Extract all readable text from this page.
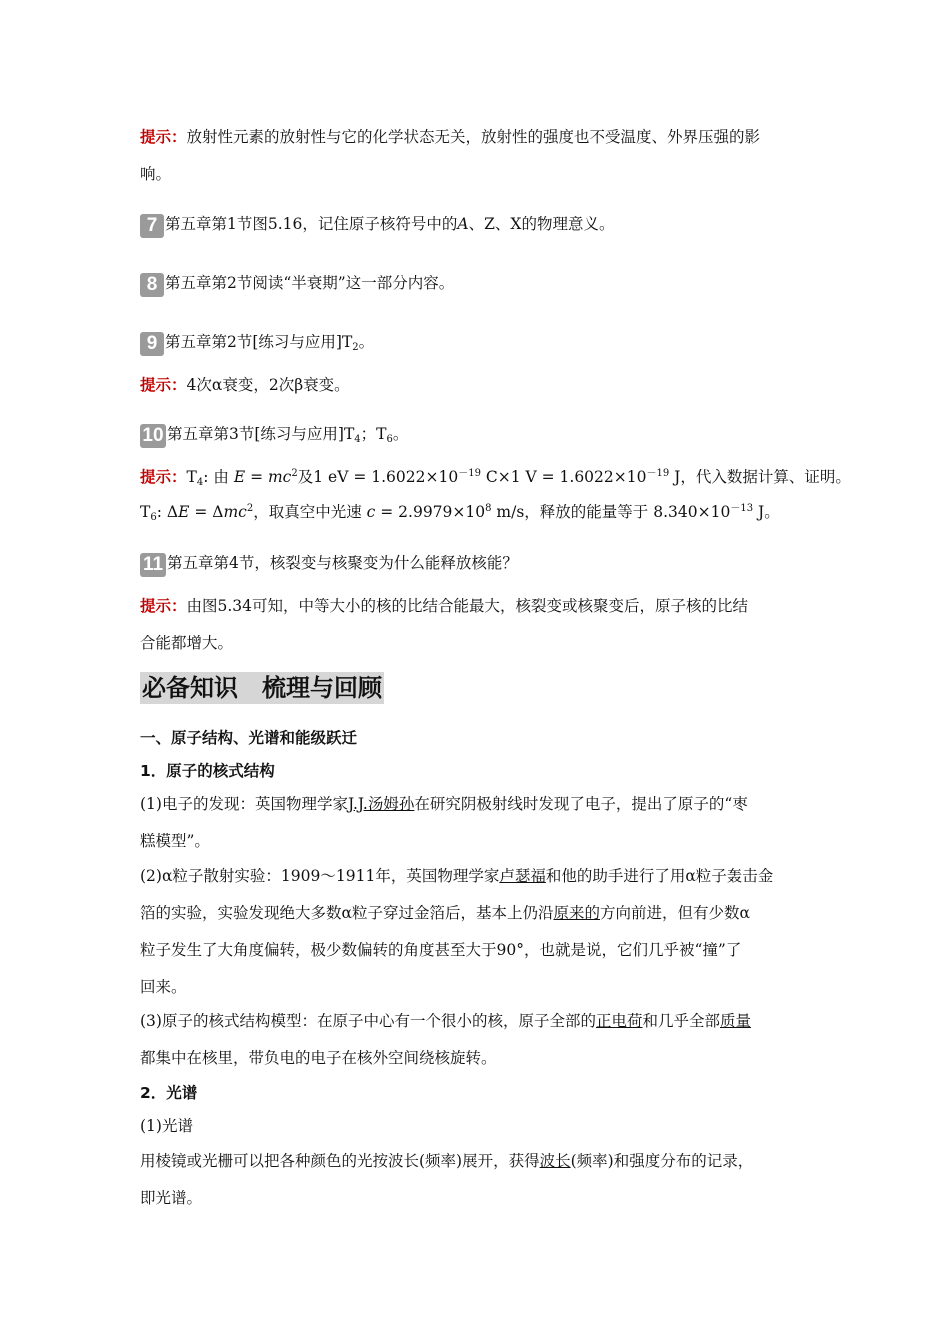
提示：放射性元素的放射性与它的化学状态无关，放射性的强度也不受温度、外界压强的影
响。
7 第五章第1节图5.16，记住原子核符号中的A、Z、X的物理意义。
8 第五章第2节阅读“半衰期”这一部分内容。
9 第五章第2节[练习与应用]$T_2$。
提示：4次α衰变，2次β衰变。
10 第五章第3节[练习与应用]$T_4$；$T_6$。
提示：$T_4$: 由 $E = mc^2$及1 eV = $1.6022\times 10^{-19}$ C×1 $V = 1.6022\times 10^{-19}$ J，代入数据计算、证明。
$T_6$: ΔE = Δmc$^2$，取真空中光速 $c = 2.9979\times 10^8$ m/s，释放的能量等于 $8.340\times 10^{-13}$ J。
11 第五章第4节，核裂变与核聚变为什么能释放核能？
提示：由图5.34可知，中等大小的核的比结合能最大，核裂变或核聚变后，原子核的比结
合能都增大。
必备知识　梳理与回顾
一、原子结构、光谱和能级跃迁
1．原子的核式结构
(1)电子的发现：英国物理学家J.J.汤姆孙在研究阴极射线时发现了电子，提出了原子的“枣
糕模型”。
(2)α粒子散射实验：1909～1911年，英国物理学家卢瑟福和他的助手进行了用α粒子轰击金
箔的实验，实验发现绝大多数α粒子穿过金箔后，基本上仍沿原来的方向前进，但有少数α
粒子发生了大角度偏转，极少数偏转的角度甚至大于90°，也就是说，它们几乎被“撞”了
回来。
(3)原子的核式结构模型：在原子中心有一个很小的核，原子全部的正电荷和几乎全部质量
都集中在核里，带负电的电子在核外空间绕核旋转。
2．光谱
(1)光谱
用棱镜或光栅可以把各种颜色的光按波长(频率)展开，获得波长(频率)和强度分布的记录，
即光谱。
